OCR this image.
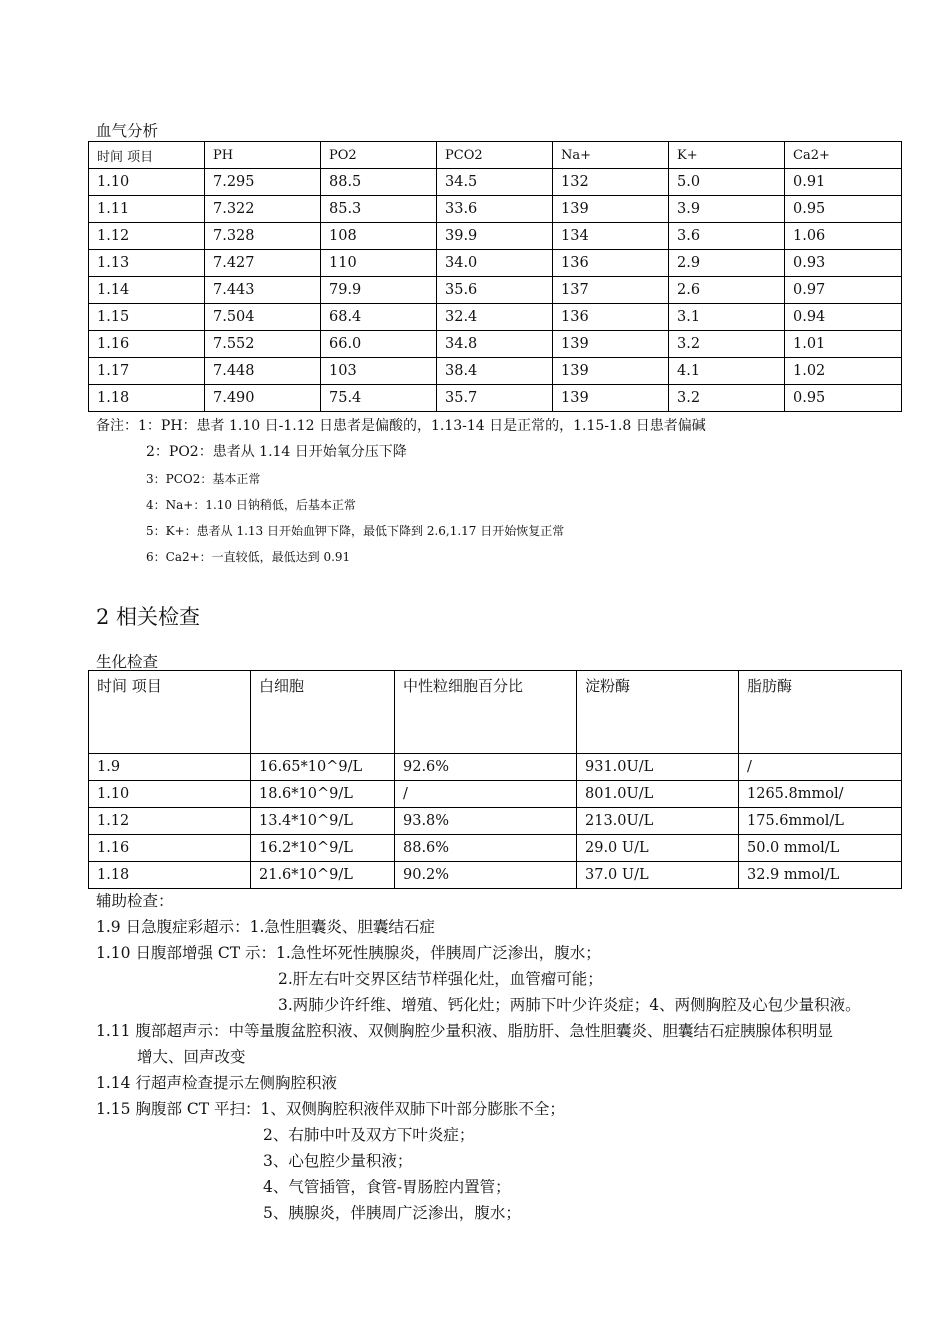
血气分析
时间 项目	PH	PO2	PCO2	Na+	K+	Ca2+
1.10	7.295	88.5	34.5	132	5.0	0.91
1.11	7.322	85.3	33.6	139	3.9	0.95
1.12	7.328	108	39.9	134	3.6	1.06
1.13	7.427	110	34.0	136	2.9	0.93
1.14	7.443	79.9	35.6	137	2.6	0.97
1.15	7.504	68.4	32.4	136	3.1	0.94
1.16	7.552	66.0	34.8	139	3.2	1.01
1.17	7.448	103	38.4	139	4.1	1.02
1.18	7.490	75.4	35.7	139	3.2	0.95
备注：1：PH：患者 1.10 日-1.12 日患者是偏酸的，1.13-14 日是正常的，1.15-1.8 日患者偏碱
2：PO2：患者从 1.14 日开始氧分压下降
3：PCO2：基本正常
4：Na+：1.10 日钠稍低，后基本正常
5：K+：患者从 1.13 日开始血钾下降，最低下降到 2.6,1.17 日开始恢复正常
6：Ca2+：一直较低，最低达到 0.91
2 相关检查
生化检查
时间 项目	白细胞	中性粒细胞百分比	淀粉酶	脂肪酶
1.9	16.65*10^9/L	92.6%	931.0U/L	/
1.10	18.6*10^9/L	/	801.0U/L	1265.8mmol/
1.12	13.4*10^9/L	93.8%	213.0U/L	175.6mmol/L
1.16	16.2*10^9/L	88.6%	29.0 U/L	50.0 mmol/L
1.18	21.6*10^9/L	90.2%	37.0 U/L	32.9 mmol/L
辅助检查：
1.9 日急腹症彩超示：1.急性胆囊炎、胆囊结石症
1.10 日腹部增强 CT 示：1.急性坏死性胰腺炎，伴胰周广泛渗出，腹水；
2.肝左右叶交界区结节样强化灶，血管瘤可能；
3.两肺少许纤维、增殖、钙化灶；两肺下叶少许炎症；4、两侧胸腔及心包少量积液。
1.11 腹部超声示：中等量腹盆腔积液、双侧胸腔少量积液、脂肪肝、急性胆囊炎、胆囊结石症胰腺体积明显
增大、回声改变
1.14 行超声检查提示左侧胸腔积液
1.15 胸腹部 CT 平扫：1、双侧胸腔积液伴双肺下叶部分膨胀不全；
2、右肺中叶及双方下叶炎症；
3、心包腔少量积液；
4、气管插管，食管-胃肠腔内置管；
5、胰腺炎，伴胰周广泛渗出，腹水；
